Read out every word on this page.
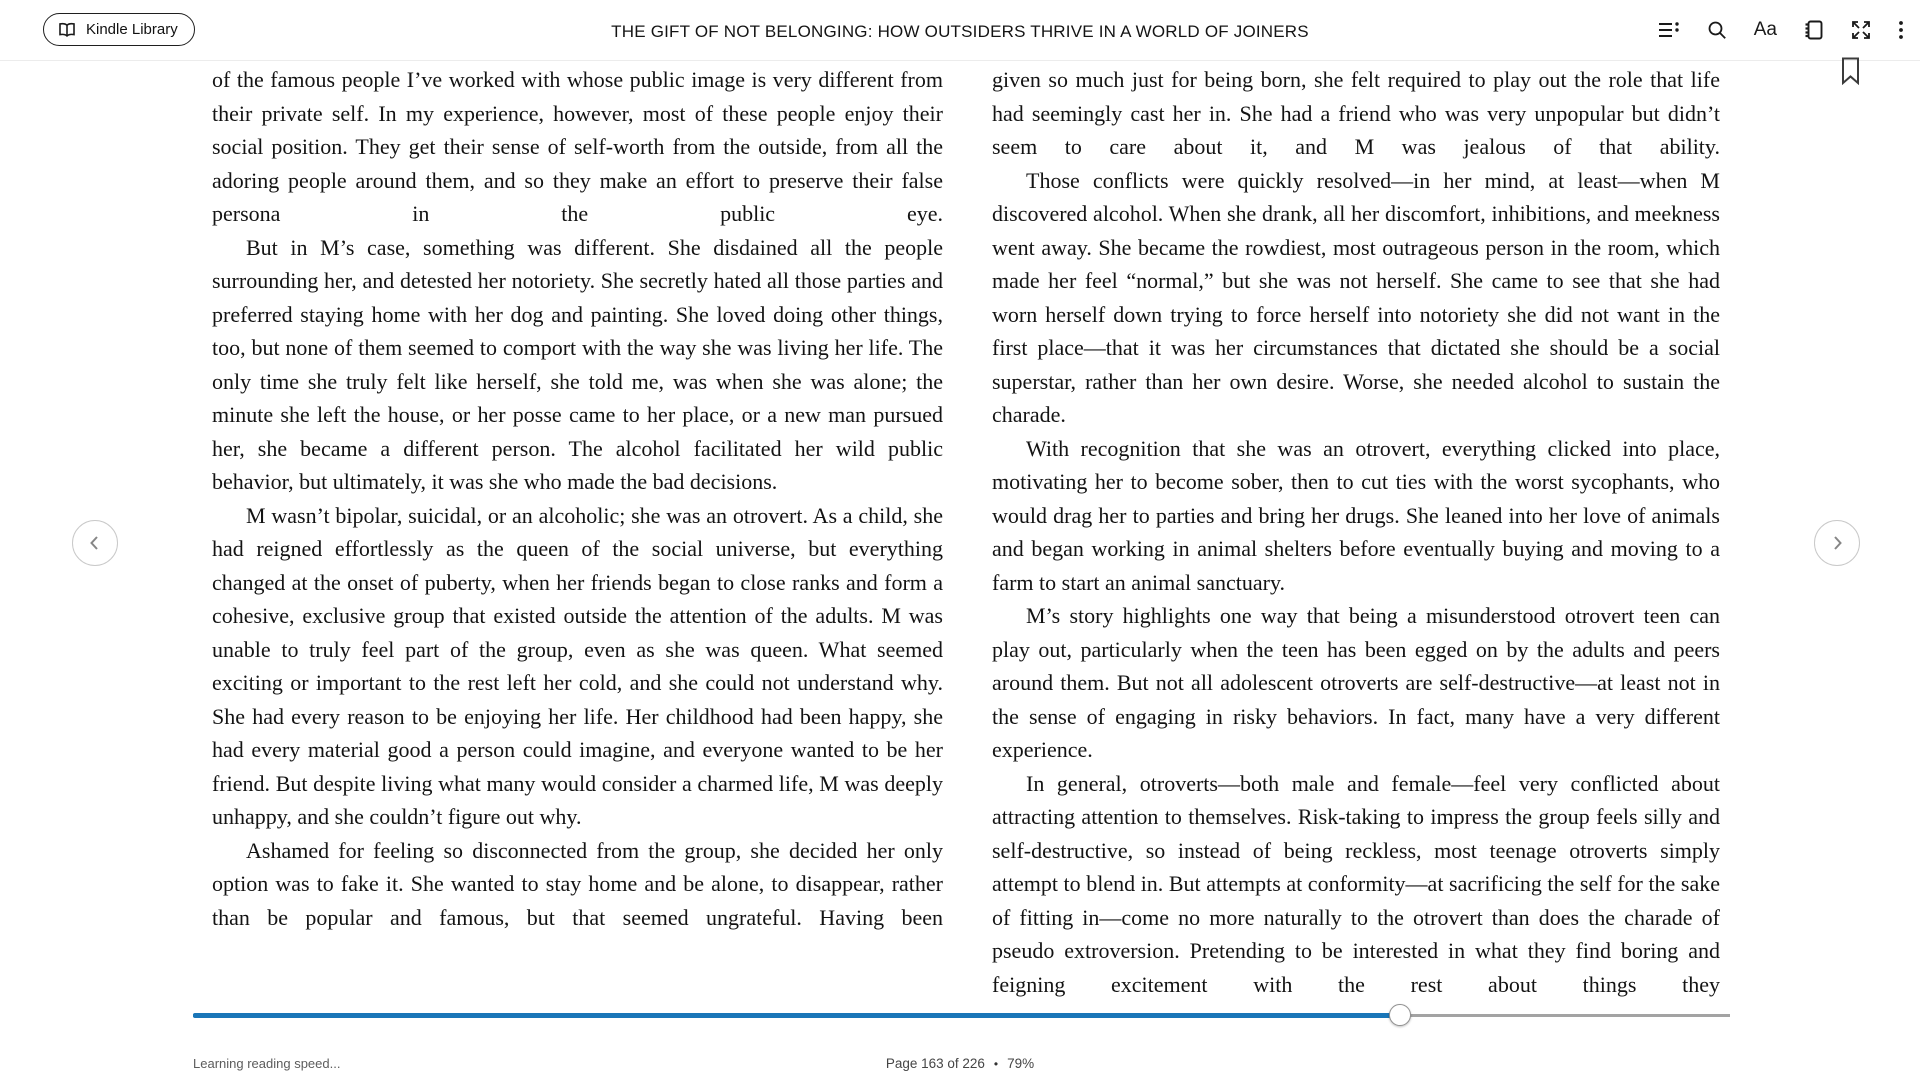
Kindle Library	THE GIFT OF NOT BELONGING: HOW OUTSIDERS THRIVE IN A WORLD OF JOINERS	Aa

of the famous people I’ve worked with whose public image is very different from their private self. In my experience, however, most of these people enjoy their social position. They get their sense of self-worth from the outside, from all the adoring people around them, and so they make an effort to preserve their false persona in the public eye.

But in M’s case, something was different. She disdained all the people surrounding her, and detested her notoriety. She secretly hated all those parties and preferred staying home with her dog and painting. She loved doing other things, too, but none of them seemed to comport with the way she was living her life. The only time she truly felt like herself, she told me, was when she was alone; the minute she left the house, or her posse came to her place, or a new man pursued her, she became a different person. The alcohol facilitated her wild public behavior, but ultimately, it was she who made the bad decisions.

M wasn’t bipolar, suicidal, or an alcoholic; she was an otrovert. As a child, she had reigned effortlessly as the queen of the social universe, but everything changed at the onset of puberty, when her friends began to close ranks and form a cohesive, exclusive group that existed outside the attention of the adults. M was unable to truly feel part of the group, even as she was queen. What seemed exciting or important to the rest left her cold, and she could not understand why. She had every reason to be enjoying her life. Her childhood had been happy, she had every material good a person could imagine, and everyone wanted to be her friend. But despite living what many would consider a charmed life, M was deeply unhappy, and she couldn’t figure out why.

Ashamed for feeling so disconnected from the group, she decided her only option was to fake it. She wanted to stay home and be alone, to disappear, rather than be popular and famous, but that seemed ungrateful. Having been

given so much just for being born, she felt required to play out the role that life had seemingly cast her in. She had a friend who was very unpopular but didn’t seem to care about it, and M was jealous of that ability.

Those conflicts were quickly resolved—in her mind, at least—when M discovered alcohol. When she drank, all her discomfort, inhibitions, and meekness went away. She became the rowdiest, most outrageous person in the room, which made her feel “normal,” but she was not herself. She came to see that she had worn herself down trying to force herself into notoriety she did not want in the first place—that it was her circumstances that dictated she should be a social superstar, rather than her own desire. Worse, she needed alcohol to sustain the charade.

With recognition that she was an otrovert, everything clicked into place, motivating her to become sober, then to cut ties with the worst sycophants, who would drag her to parties and bring her drugs. She leaned into her love of animals and began working in animal shelters before eventually buying and moving to a farm to start an animal sanctuary.

M’s story highlights one way that being a misunderstood otrovert teen can play out, particularly when the teen has been egged on by the adults and peers around them. But not all adolescent otroverts are self-destructive—at least not in the sense of engaging in risky behaviors. In fact, many have a very different experience.

In general, otroverts—both male and female—feel very conflicted about attracting attention to themselves. Risk-taking to impress the group feels silly and self-destructive, so instead of being reckless, most teenage otroverts simply attempt to blend in. But attempts at conformity—at sacrificing the self for the sake of fitting in—come no more naturally to the otrovert than does the charade of pseudo extroversion. Pretending to be interested in what they find boring and feigning excitement with the rest about things they

Learning reading speed...	Page 163 of 226 • 79%
